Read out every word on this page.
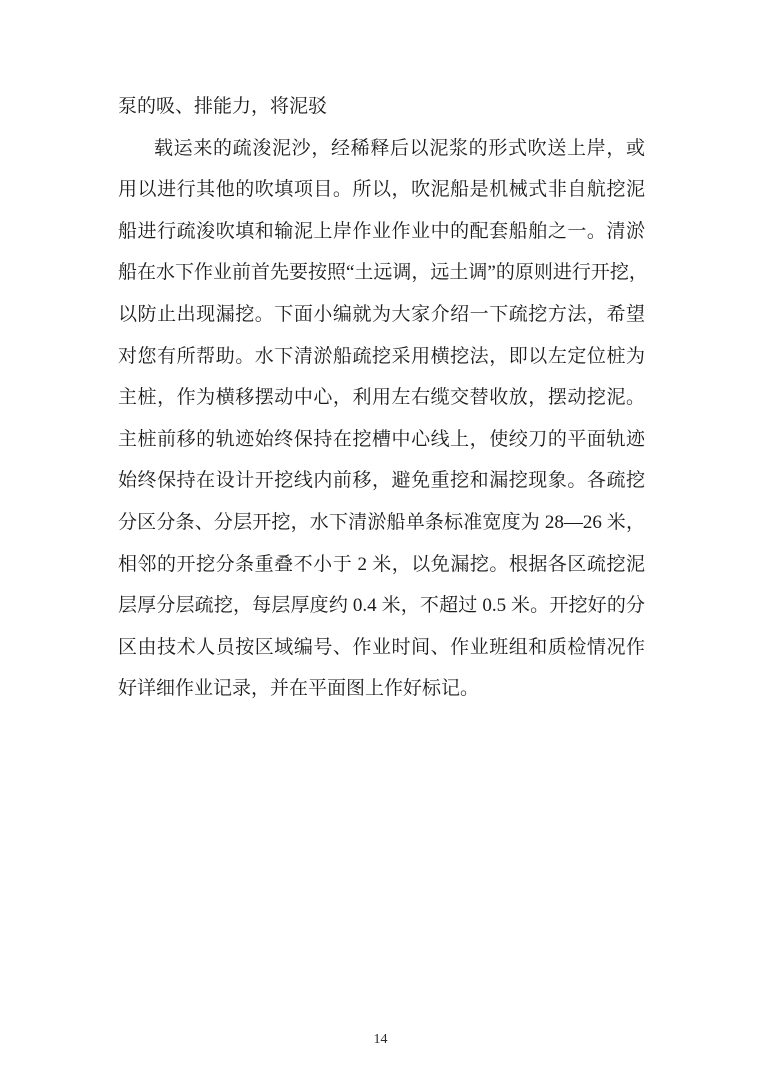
泵的吸、排能力，将泥驳
载运来的疏浚泥沙，经稀释后以泥浆的形式吹送上岸，或
用以进行其他的吹填项目。所以，吹泥船是机械式非自航挖泥
船进行疏浚吹填和输泥上岸作业作业中的配套船舶之一。清淤
船在水下作业前首先要按照“土远调，远土调”的原则进行开挖，
以防止出现漏挖。下面小编就为大家介绍一下疏挖方法，希望
对您有所帮助。水下清淤船疏挖采用横挖法，即以左定位桩为
主桩，作为横移摆动中心，利用左右缆交替收放，摆动挖泥。
主桩前移的轨迹始终保持在挖槽中心线上，使绞刀的平面轨迹
始终保持在设计开挖线内前移，避免重挖和漏挖现象。各疏挖
分区分条、分层开挖，水下清淤船单条标准宽度为 28—26 米，
相邻的开挖分条重叠不小于 2 米，以免漏挖。根据各区疏挖泥
层厚分层疏挖，每层厚度约 0.4 米，不超过 0.5 米。开挖好的分
区由技术人员按区域编号、作业时间、作业班组和质检情况作
好详细作业记录，并在平面图上作好标记。
14
